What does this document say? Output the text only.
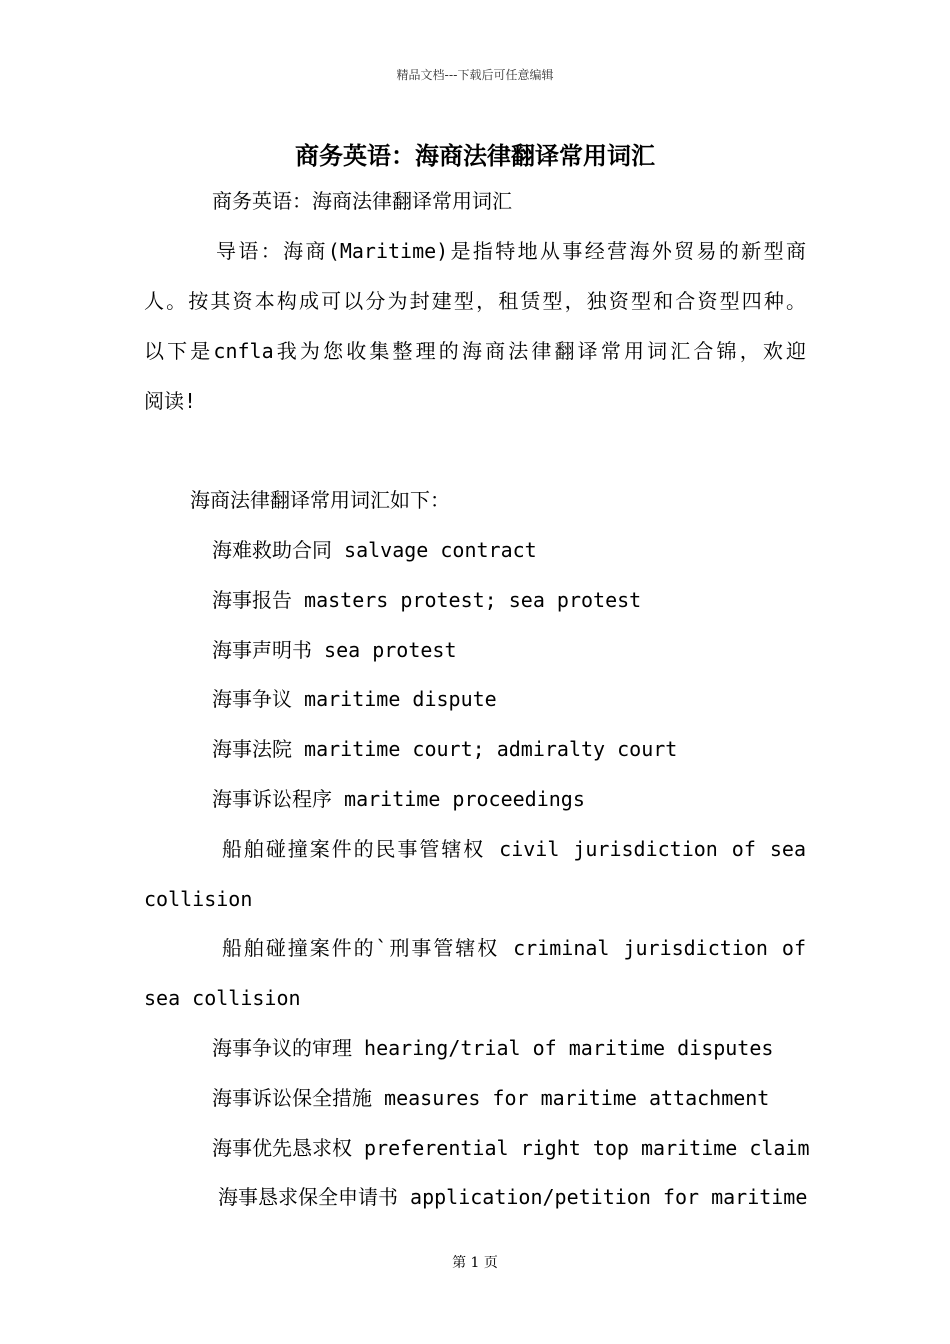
精品文档---下载后可任意编辑
商务英语：海商法律翻译常用词汇
商务英语：海商法律翻译常用词汇
导语：海商(Maritime)是指特地从事经营海外贸易的新型商
人。按其资本构成可以分为封建型，租赁型，独资型和合资型四种。
以下是cnfla我为您收集整理的海商法律翻译常用词汇合锦，欢迎
阅读!
海商法律翻译常用词汇如下：
海难救助合同 salvage contract
海事报告 masters protest; sea protest
海事声明书 sea protest
海事争议 maritime dispute
海事法院 maritime court; admiralty court
海事诉讼程序 maritime proceedings
船舶碰撞案件的民事管辖权 civil jurisdiction of sea
collision
船舶碰撞案件的`刑事管辖权 criminal jurisdiction of
sea collision
海事争议的审理 hearing/trial of maritime disputes
海事诉讼保全措施 measures for maritime attachment
海事优先恳求权 preferential right top maritime claim
海事恳求保全申请书 application/petition for maritime
第 1 页
